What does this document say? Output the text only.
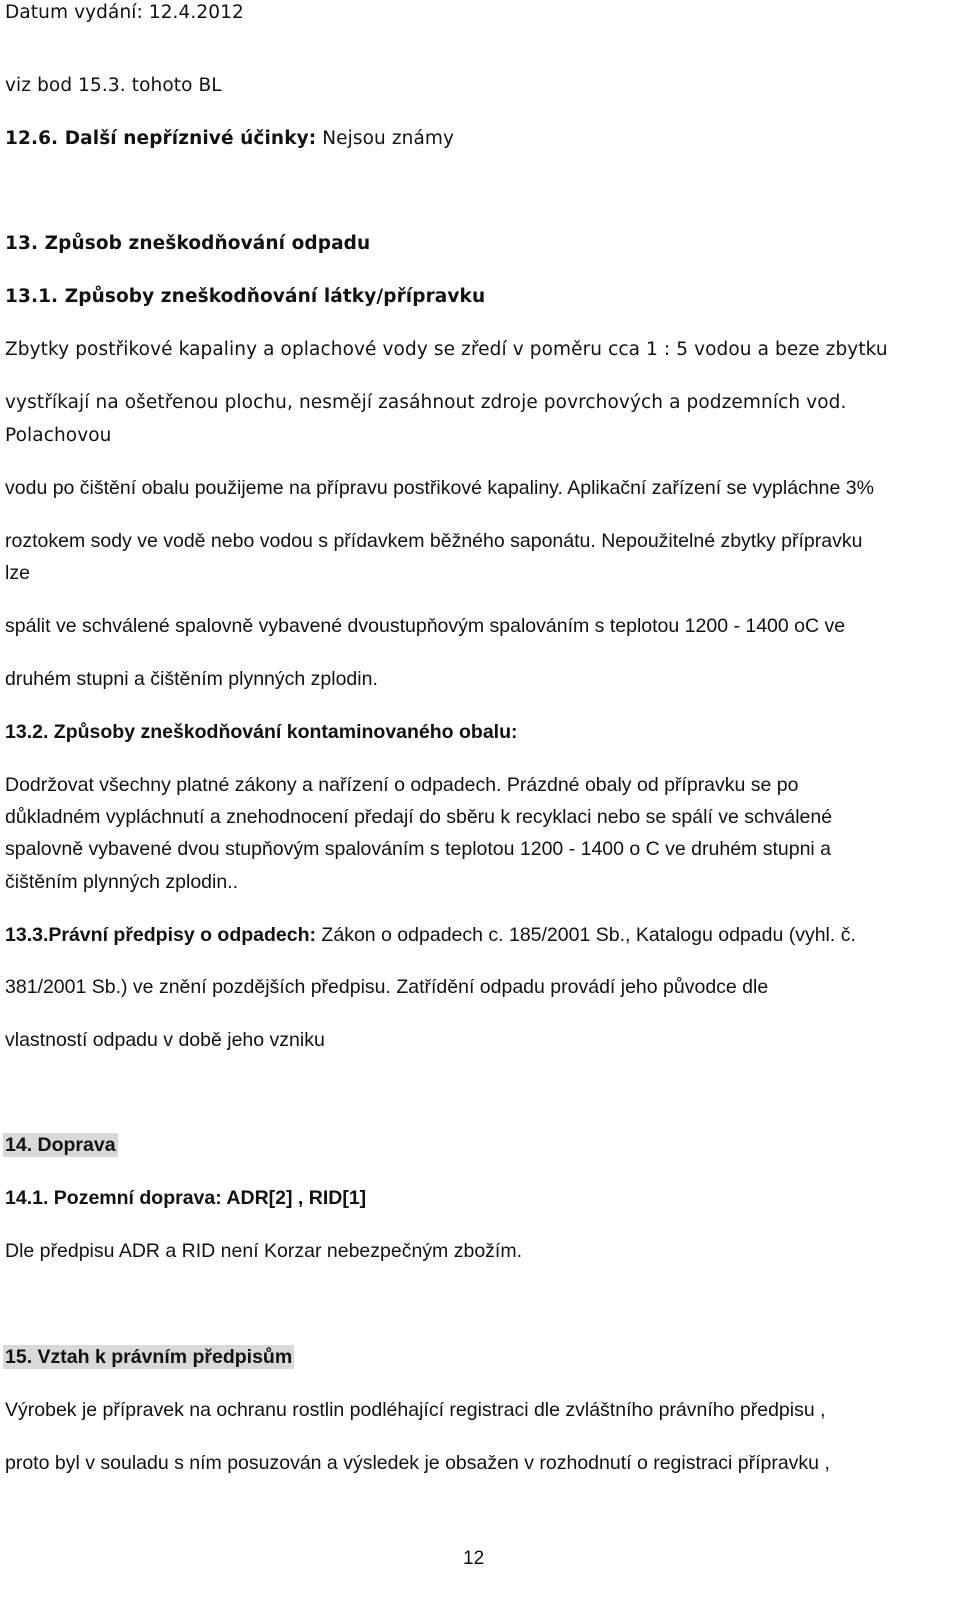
Datum vydání: 12.4.2012
viz bod 15.3. tohoto BL
12.6. Další nepříznivé účinky: Nejsou známy
13. Způsob zneškodňování odpadu
13.1. Způsoby zneškodňování látky/přípravku
Zbytky postřikové kapaliny a oplachové vody se zředí v poměru cca 1 : 5 vodou a beze zbytku
vystříkají na ošetřenou plochu, nesmějí zasáhnout zdroje povrchových a podzemních vod.
Polachovou
vodu po čištění obalu použijeme na přípravu postřikové kapaliny. Aplikační zařízení se vypláchne 3%
roztokem sody ve vodě nebo vodou s přídavkem běžného saponátu. Nepoužitelné zbytky přípravku
lze
spálit ve schválené spalovně vybavené dvoustupňovým spalováním s teplotou 1200 - 1400 oC ve
druhém stupni a čištěním plynných zplodin.
13.2. Způsoby zneškodňování kontaminovaného obalu:
Dodržovat všechny platné zákony a nařízení o odpadech. Prázdné obaly od přípravku se po
důkladném vypláchnutí a znehodnocení předají do sběru k recyklaci nebo se spálí ve schválené
spalovně vybavené dvou stupňovým spalováním s teplotou 1200 - 1400 o C ve druhém stupni a
čištěním plynných zplodin..
13.3.Právní předpisy o odpadech: Zákon o odpadech c. 185/2001 Sb., Katalogu odpadu (vyhl. č.
381/2001 Sb.) ve znění pozdějších předpisu. Zatřídění odpadu provádí jeho původce dle
vlastností odpadu v době jeho vzniku
14. Doprava
14.1. Pozemní doprava: ADR[2] , RID[1]
Dle předpisu ADR a RID není Korzar nebezpečným zbožím.
15. Vztah k právním předpisům
Výrobek je přípravek na ochranu rostlin podléhající registraci dle zvláštního právního předpisu ,
proto byl v souladu s ním posuzován a výsledek je obsažen v rozhodnutí o registraci přípravku ,
12
